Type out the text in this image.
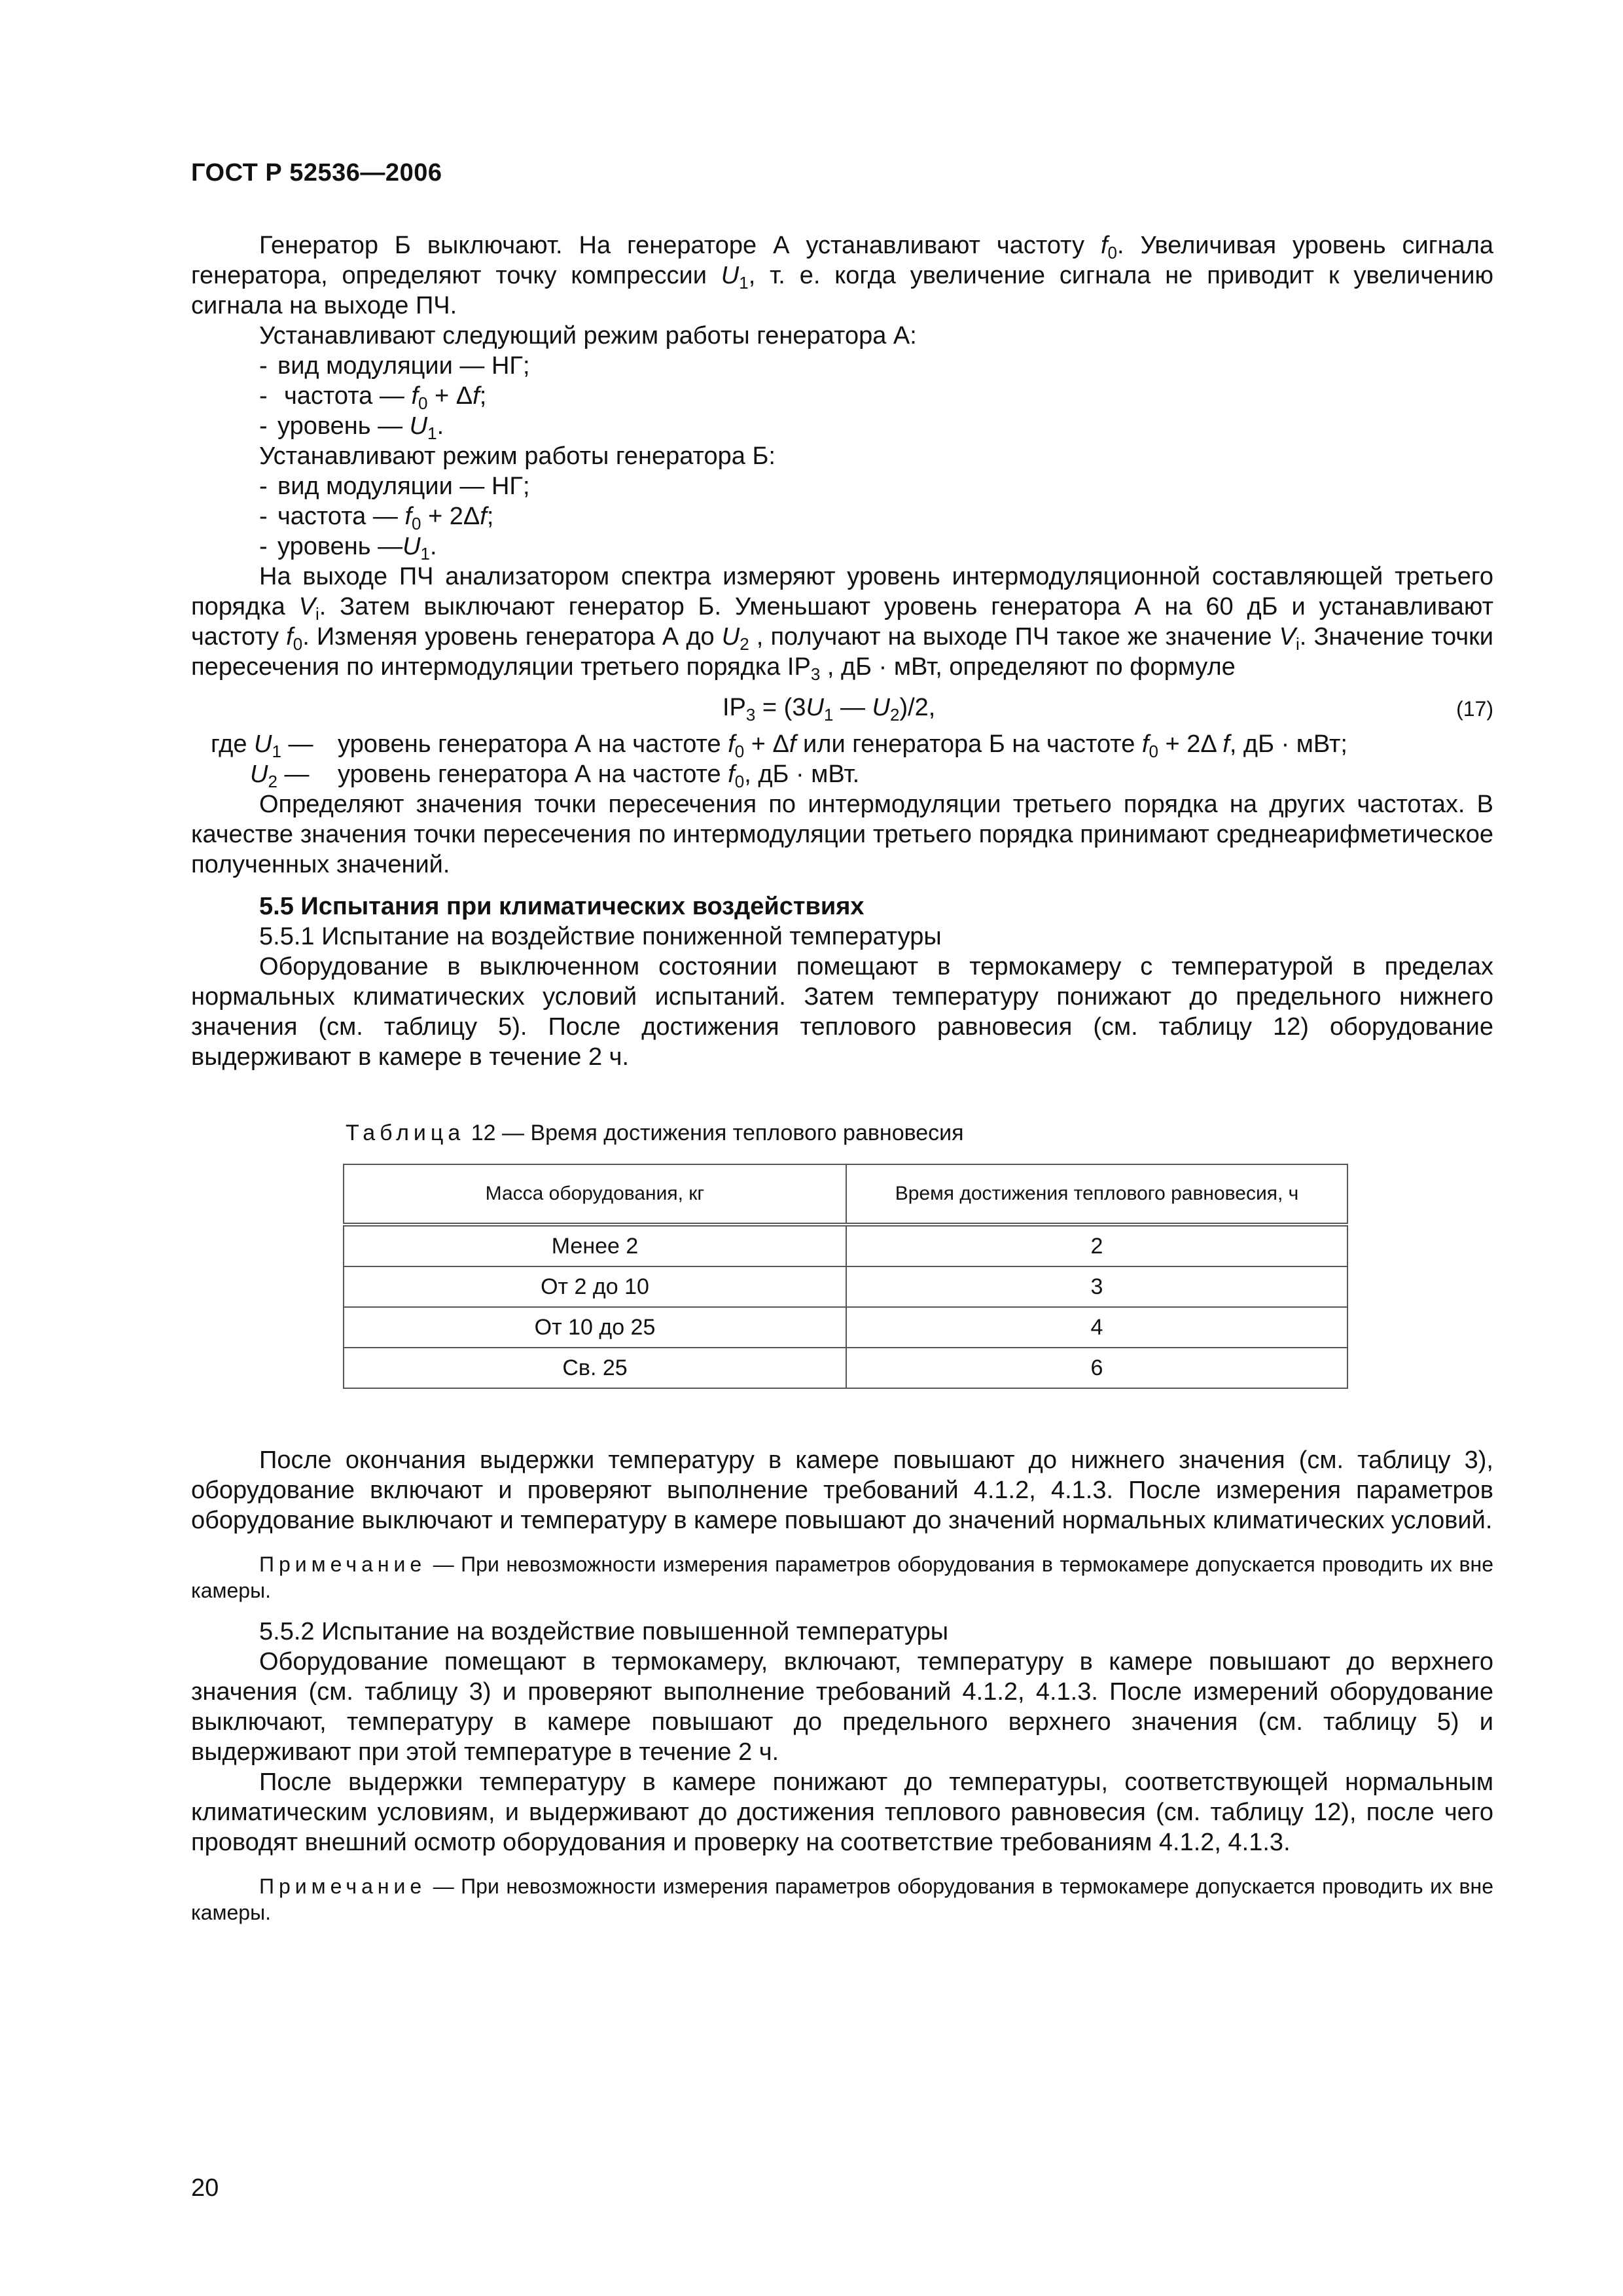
ГОСТ Р 52536—2006

Генератор Б выключают. На генераторе А устанавливают частоту $f_0$. Увеличивая уровень сигнала генератора, определяют точку компрессии $U_1$, т. е. когда увеличение сигнала не приводит к увеличению сигнала на выходе ПЧ.

Устанавливают следующий режим работы генератора А:

- вид модуляции — НГ;

- частота — $f_0 + \Delta f$;

- уровень — $U_1$.

Устанавливают режим работы генератора Б:

- вид модуляции — НГ;

- частота — $f_0 + 2\Delta f$;

- уровень $—U_1$.

На выходе ПЧ анализатором спектра измеряют уровень интермодуляционной составляющей третьего порядка $V_i$. Затем выключают генератор Б. Уменьшают уровень генератора А на 60 дБ и устанавливают частоту $f_0$. Изменяя уровень генератора А до $U_2$ , получают на выходе ПЧ такое же значение $V_i$. Значение точки пересечения по интермодуляции третьего порядка $IP_3$ , дБ · мВт, определяют по формуле

$IP_3 = (3U_1$ — $U_2)/2$,	(17)
где $U_1$ — уровень генератора А на частоте $f_0 + \Delta f$ или генератора Б на частоте $f_0 + 2\Delta$ f, дБ · мВт;
$U_2$ — уровень генератора А на частоте $f_0$, дБ · мВт.

Определяют значения точки пересечения по интермодуляции третьего порядка на других частотах. В качестве значения точки пересечения по интермодуляции третьего порядка принимают среднеарифметическое полученных значений.

5.5 Испытания при климатических воздействиях

5.5.1 Испытание на воздействие пониженной температуры

Оборудование в выключенном состоянии помещают в термокамеру с температурой в пределах нормальных климатических условий испытаний. Затем температуру понижают до предельного нижнего значения (см. таблицу 5). После достижения теплового равновесия (см. таблицу 12) оборудование выдерживают в камере в течение 2 ч.

Таблица 12 — Время достижения теплового равновесия

Масса оборудования, кг	Время достижения теплового равновесия, ч
Менее 2	2
От 2 до 10	3
От 10 до 25	4
Св. 25	6

После окончания выдержки температуру в камере повышают до нижнего значения (см. таблицу 3), оборудование включают и проверяют выполнение требований 4.1.2, 4.1.3. После измерения параметров оборудование выключают и температуру в камере повышают до значений нормальных климатических условий.

Примечание — При невозможности измерения параметров оборудования в термокамере допускается проводить их вне камеры.

5.5.2 Испытание на воздействие повышенной температуры

Оборудование помещают в термокамеру, включают, температуру в камере повышают до верхнего значения (см. таблицу 3) и проверяют выполнение требований 4.1.2, 4.1.3. После измерений оборудование выключают, температуру в камере повышают до предельного верхнего значения (см. таблицу 5) и выдерживают при этой температуре в течение 2 ч.

После выдержки температуру в камере понижают до температуры, соответствующей нормальным климатическим условиям, и выдерживают до достижения теплового равновесия (см. таблицу 12), после чего проводят внешний осмотр оборудования и проверку на соответствие требованиям 4.1.2, 4.1.3.

Примечание — При невозможности измерения параметров оборудования в термокамере допускается проводить их вне камеры.

20
